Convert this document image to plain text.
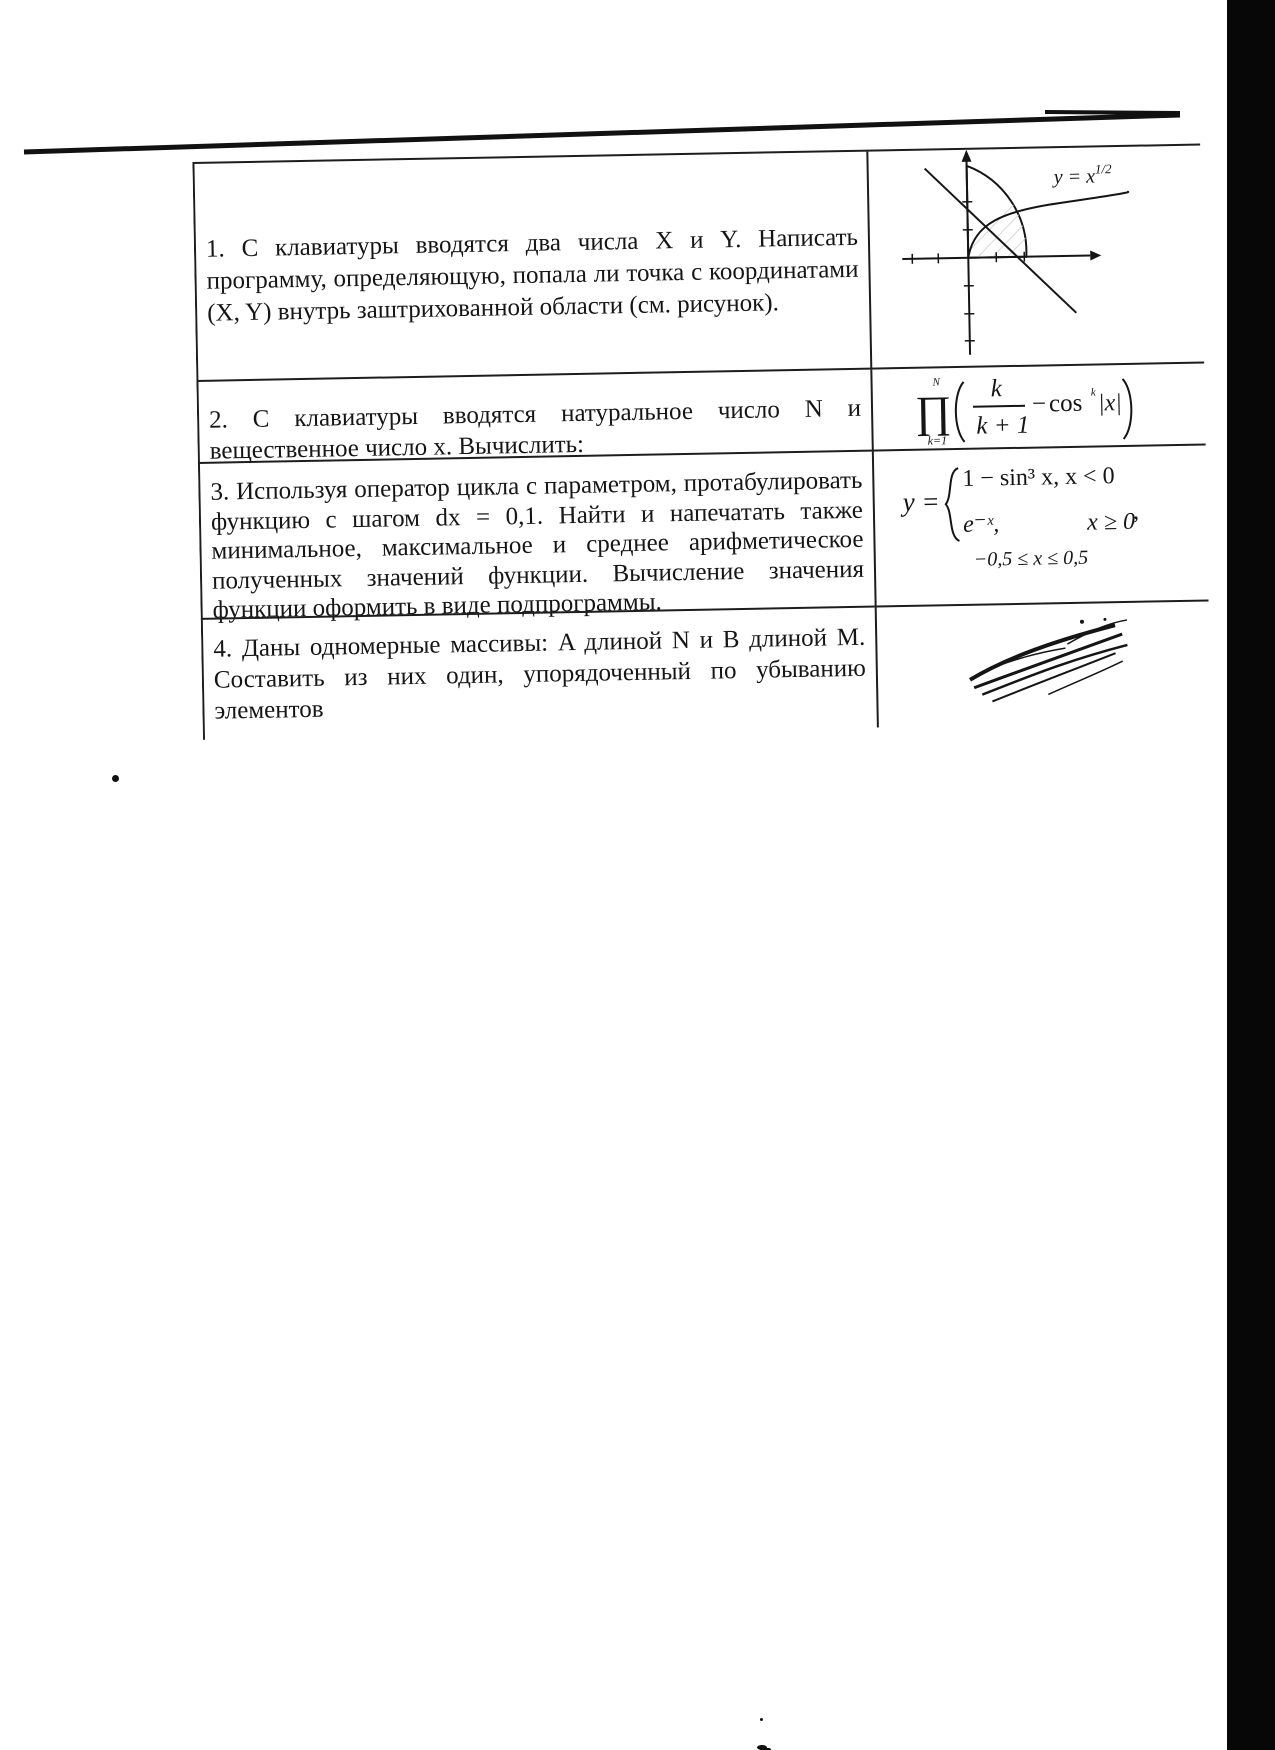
1. С клавиатуры вводятся два числа X и Y. Написать программу, определяющую, попала ли точка с координатами (X, Y) внутрь заштрихованной области (см. рисунок).

$y = x^{1/2}$

2. С клавиатуры вводятся натуральное число N и вещественное число x. Вычислить:

N
∏
k=1
k
k + 1
− cos k |x|

3. Используя оператор цикла с параметром, протабулировать функцию с шагом dx = 0,1. Найти и напечатать также минимальное, максимальное и среднее арифметическое полученных значений функции. Вычисление значения функции оформить в виде подпрограммы.

y =
1 − sin³ x, x < 0
e⁻ˣ,	x ≥ 0
,
−0,5 ≤ x ≤ 0,5

4. Даны одномерные массивы: A длиной N и B длиной M. Составить из них один, упорядоченный по убыванию элементов
